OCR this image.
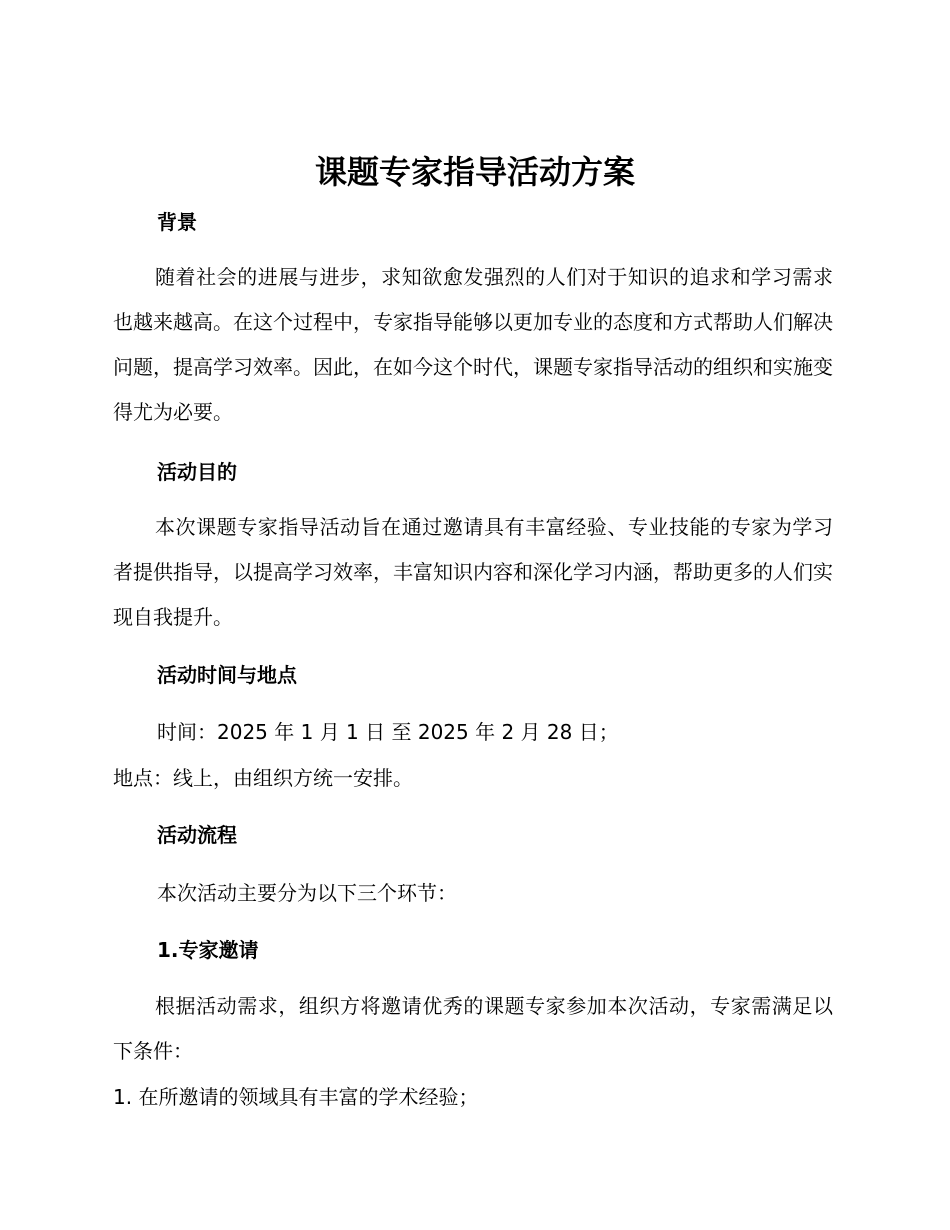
课题专家指导活动方案
背景

随着社会的进展与进步，求知欲愈发强烈的人们对于知识的追求和学习需求也越来越高。在这个过程中，专家指导能够以更加专业的态度和方式帮助人们解决问题，提高学习效率。因此，在如今这个时代，课题专家指导活动的组织和实施变得尤为必要。

活动目的

本次课题专家指导活动旨在通过邀请具有丰富经验、专业技能的专家为学习者提供指导，以提高学习效率，丰富知识内容和深化学习内涵，帮助更多的人们实现自我提升。

活动时间与地点
时间：2025 年 1 月 1 日 至 2025 年 2 月 28 日；
地点：线上，由组织方统一安排。
活动流程
本次活动主要分为以下三个环节：
1.专家邀请

根据活动需求，组织方将邀请优秀的课题专家参加本次活动，专家需满足以下条件：

1. 在所邀请的领域具有丰富的学术经验；
